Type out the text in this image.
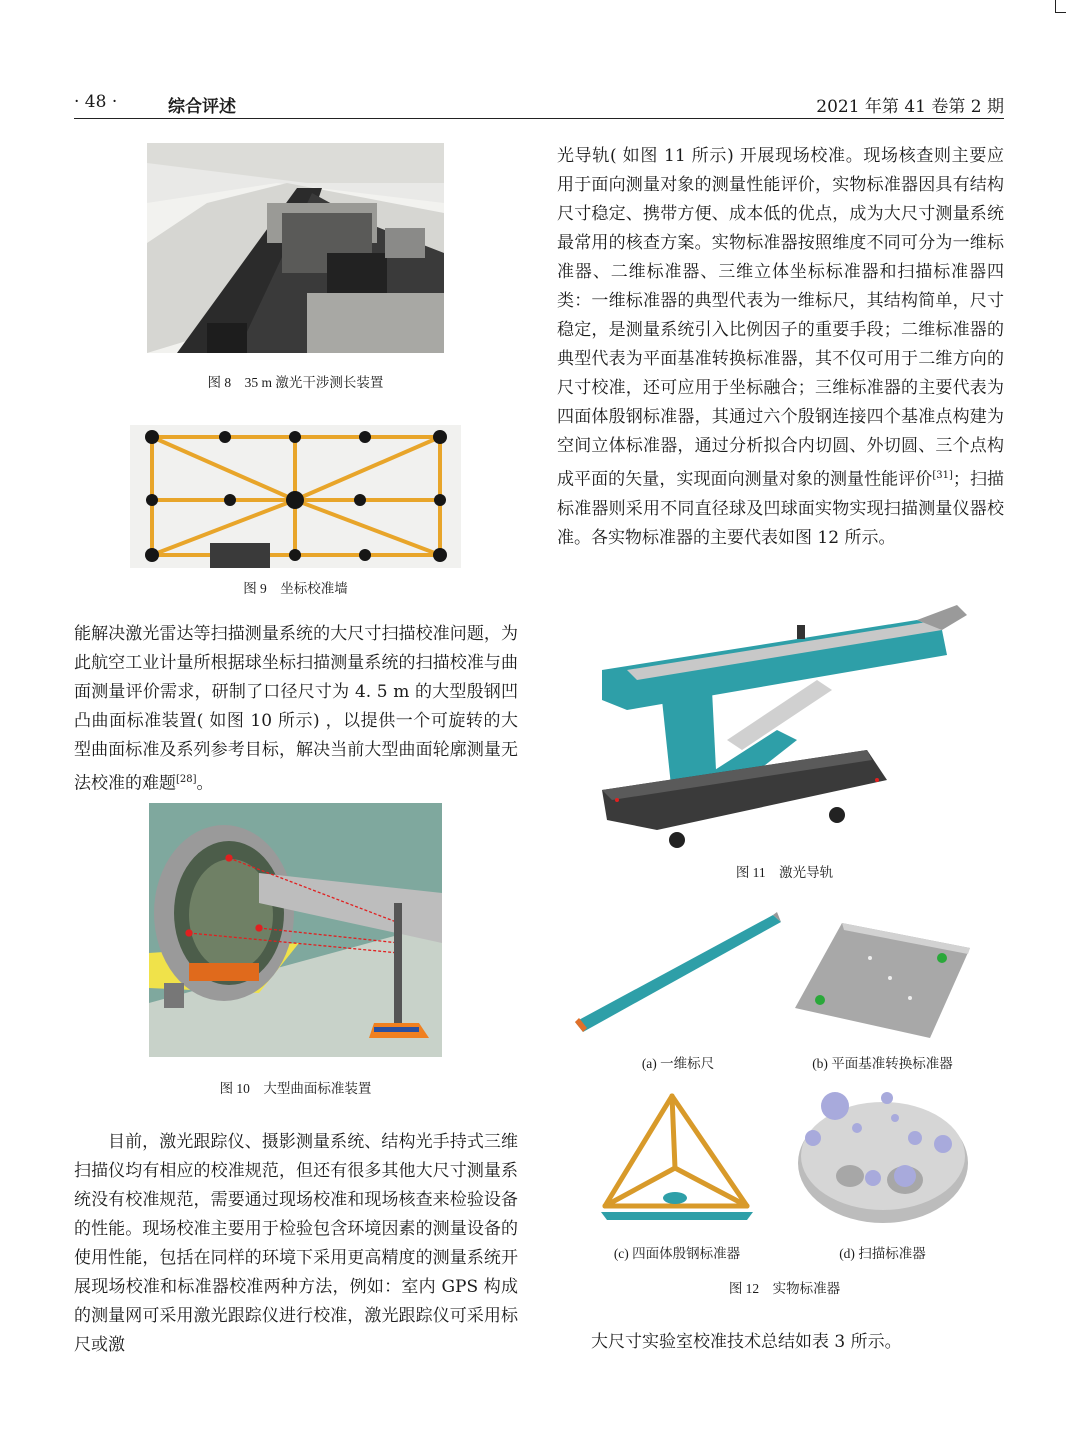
· 48 ·	综合评述	2021 年第 41 卷第 2 期
图 8　35 m 激光干涉测长装置
图 9　坐标校准墙

能解决激光雷达等扫描测量系统的大尺寸扫描校准问题，为此航空工业计量所根据球坐标扫描测量系统的扫描校准与曲面测量评价需求，研制了口径尺寸为 4. 5 m 的大型殷钢凹凸曲面标准装置( 如图 10 所示) ，以提供一个可旋转的大型曲面标准及系列参考目标，解决当前大型曲面轮廓测量无法校准的难题[28]。

图 10　大型曲面标准装置

目前，激光跟踪仪、摄影测量系统、结构光手持式三维扫描仪均有相应的校准规范，但还有很多其他大尺寸测量系统没有校准规范，需要通过现场校准和现场核查来检验设备的性能。现场校准主要用于检验包含环境因素的测量设备的使用性能，包括在同样的环境下采用更高精度的测量系统开展现场校准和标准器校准两种方法，例如：室内 GPS 构成的测量网可采用激光跟踪仪进行校准，激光跟踪仪可采用标尺或激

光导轨( 如图 11 所示) 开展现场校准。现场核查则主要应用于面向测量对象的测量性能评价，实物标准器因具有结构尺寸稳定、携带方便、成本低的优点，成为大尺寸测量系统最常用的核查方案。实物标准器按照维度不同可分为一维标准器、二维标准器、三维立体坐标标准器和扫描标准器四类：一维标准器的典型代表为一维标尺，其结构简单，尺寸稳定，是测量系统引入比例因子的重要手段；二维标准器的典型代表为平面基准转换标准器，其不仅可用于二维方向的尺寸校准，还可应用于坐标融合；三维标准器的主要代表为四面体殷钢标准器，其通过六个殷钢连接四个基准点构建为空间立体标准器，通过分析拟合内切圆、外切圆、三个点构成平面的矢量，实现面向测量对象的测量性能评价[31]；扫描标准器则采用不同直径球及凹球面实物实现扫描测量仪器校准。各实物标准器的主要代表如图 12 所示。

图 11　激光导轨
(a) 一维标尺	(b) 平面基准转换标准器
(c) 四面体殷钢标准器	(d) 扫描标准器
图 12　实物标准器

大尺寸实验室校准技术总结如表 3 所示。
